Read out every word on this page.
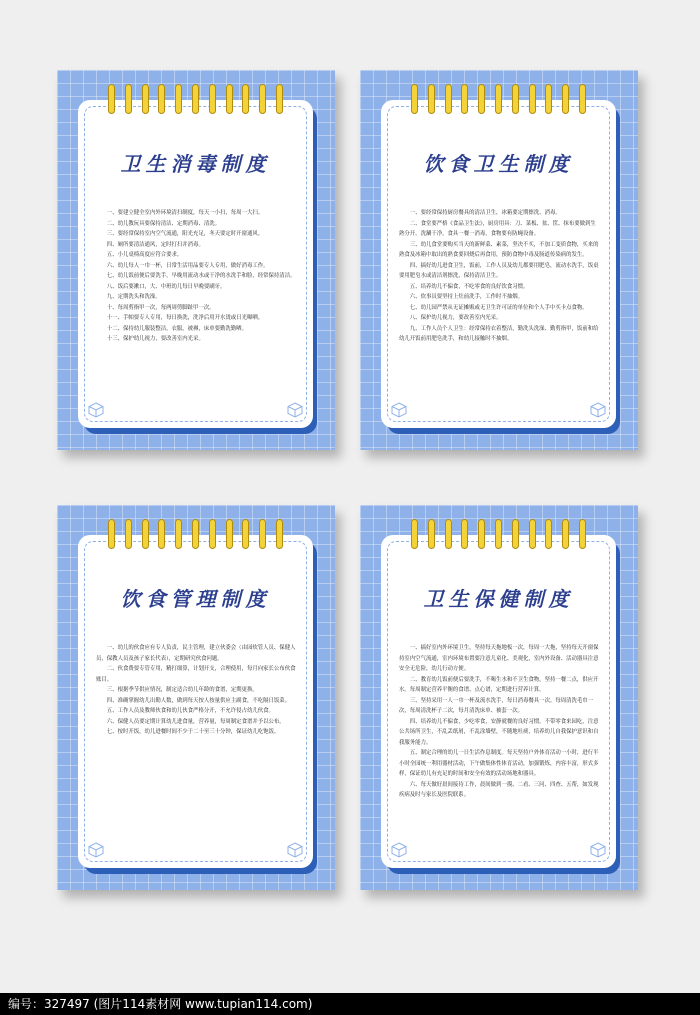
卫生消毒制度

一、要建立健全室内外环境清扫制度，每天一小扫，每周一大扫。

二、幼儿教玩具要保持清洁、定期消毒、清洗。

三、要经常保持室内空气流通，阳光充足，冬天要定时开窗通风。

四、厕所要清洁通风，定时打扫并消毒。

五、小儿桌椅高度应符合要求。

六、幼儿每人一巾一杯，日常生活用品要专人专用，做好消毒工作。

七、幼儿饭前便后要洗手，早晚用流动水或干净的水洗手和脸，经常保持清洁。

八、饭后要漱口，大、中班幼儿每日早晚要刷牙。

九、定期洗头和洗澡。

十、每周剪指甲一次，每两周剪脚趾甲一次。

十一、手帕要专人专用，每日换洗，洗净后用开水烫或日光曝晒。

十二、保持幼儿服装整洁，衣服，被褥，床单要勤洗勤晒。

十三、保护幼儿视力，要改善室内光采。

饮食卫生制度

一、要经常保持厨房餐具的清洁卫生，冰箱要定期擦洗、消毒。

二、食堂要严格《食品卫生法》，厨房用具：刀、菜板、盆、筐、抹布要做到生熟分开，洗涮干净，食具一餐一消毒，食物要有防蝇设备。

三、幼儿食堂要购买当天的新鲜菜、素菜，坚决不买，不加工变质食物，买来的熟食及冰箱中取出的熟食要回烧后再食用，预防食物中毒及肠道传染病的发生。

四、搞好幼儿进食卫生，饭前，工作人员及幼儿都要用肥皂，流动水洗手，饭桌要用肥皂水或清洁剂擦洗，保持清洁卫生。

五、培养幼儿不偏食，不吃零食的良好饮食习惯。

六、炊事员要坚持上灶前洗手，工作时不抽烟。

七、幼儿园严禁从无证摊贩或无卫生许可证的单位和个人手中买卡点食物。

八、保护幼儿视力，要改善室内光采。

九、工作人员个人卫生：经常保持衣着整洁，勤洗头洗澡、勤剪指甲，饭前和给幼儿开饭前用肥皂洗手，和幼儿接触时不抽烟。

饮食管理制度

一、幼儿的伙食应有专人负责，民主管理，建立伙委会（由园炊管人员、保健人员，保教人员及孩子家长代表），定期研究伙食问题。

二、伙食费要专管专用，精打细算，计划开支，合理使用，每月向家长公布伙食账目。

三、根据季节供应情况，制定适合幼儿年龄的食谱，定期更换。

四、准确掌握幼儿出勤人数，做到每天按人按量供应主副食，不吃隔日饭菜。

五、工作人员及教师伙食和幼儿伙食严格分开，不允许侵占幼儿伙食。

六、保健人员要定期计算幼儿进食量，营养量，每周制定食谱并予以公布。

七、按时开饭，幼儿进餐时间不少于二十至三十分钟，保证幼儿吃饱饭。

卫生保健制度

一、搞好室内外环境卫生，坚持每天拖地板一次，每周一大拖，坚持每天开窗保持室内空气流通，室内环境布置要注意儿童化、美观化，室内外设备、活动器具注意安全无危险，幼儿行动方便。

二、教育幼儿饭前便后要洗手，不喝生水和不卫生食物，坚持一餐二点，供应开水。每周制定营养平衡的食谱、点心谱，定期进行营养计算。

三、坚持采用一人一巾一杯及流水洗手，每日消毒餐具一次。每周清洗毛巾一次，每周清洗杯子二次，每月清洗床单、被套一次。

四、培养幼儿不偏食，少吃零食，安静就餐的良好习惯，不带零食来园吃，注意公共场所卫生，不乱丢纸屑，不乱涂墙壁，不随地吐痰，培养幼儿自我保护意识和自我服务能力。

五、制定合理的幼儿一日生活作息制度。每天坚持户外体育活动一小时，进行半小时全园统一利用器材活动，下午做集体性体育活动，加强锻炼，内容丰富，形式多样，保证幼儿有充足的时间和安全有效的活动场地和器具。

六、每天做好晨间接待工作，晨间做到一摸、二看、三问、四查、五帮，如发现疾病及时与家长及医院联系。

编号：327497 (图片114素材网 www.tupian114.com)
